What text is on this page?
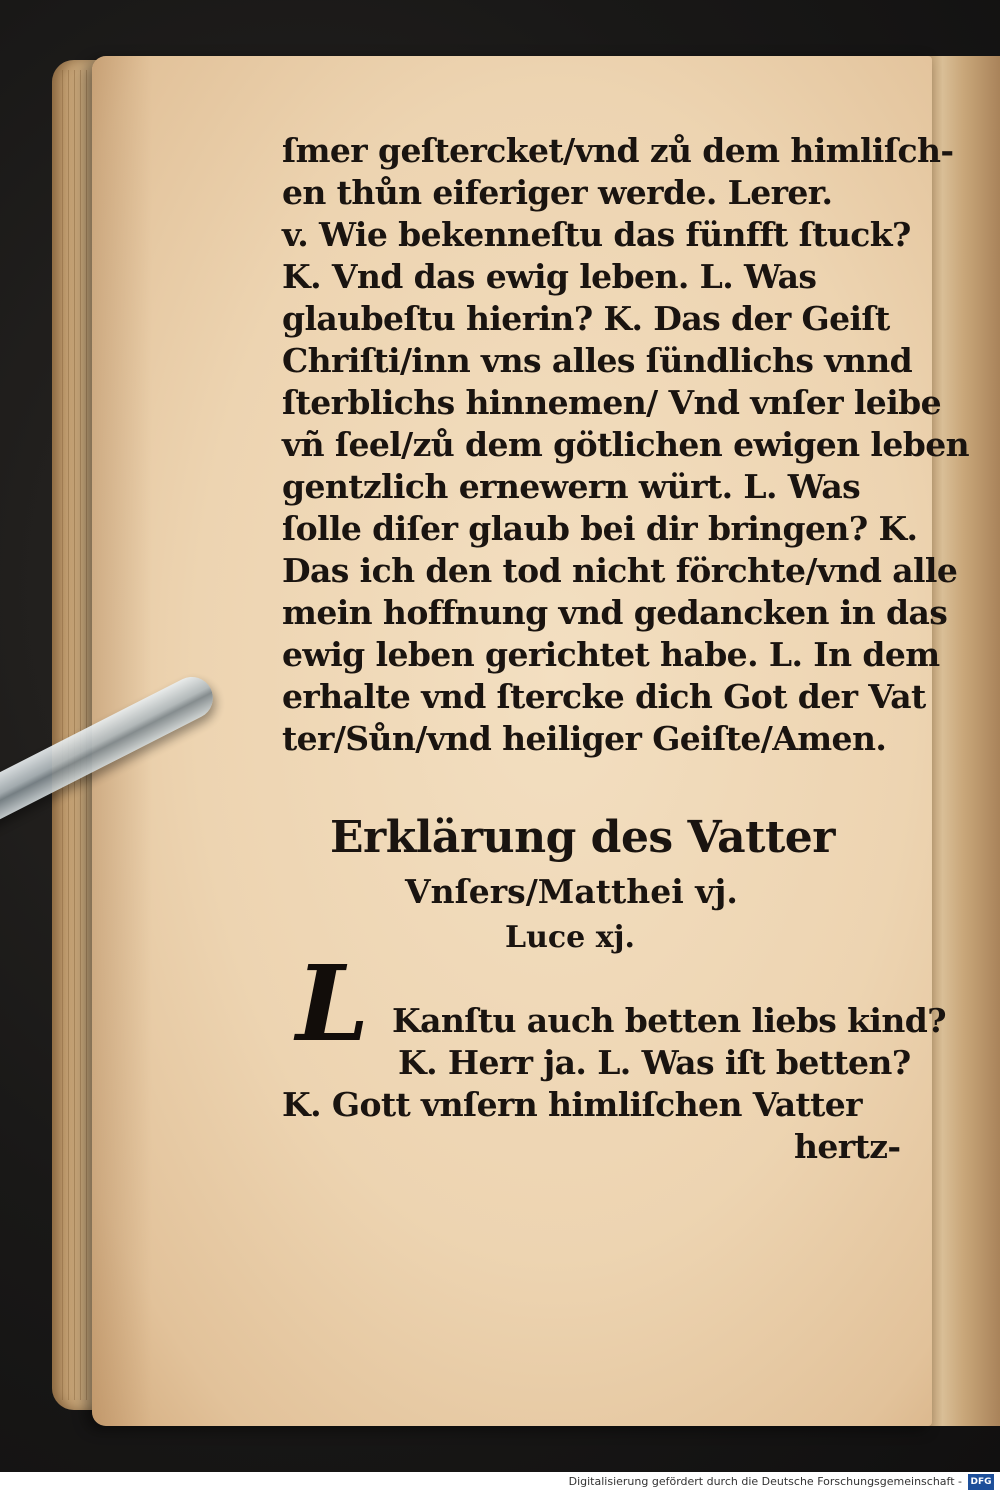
ſmer geſtercket/vnd zů dem himliſch-
en thůn eiferiger werde. Lerer.
v. Wie bekenneſtu das fünfft ſtuck?
K. Vnd das ewig leben. L. Was
glaubeſtu hierin? K. Das der Geiſt
Chriſti/inn vns alles ſündlichs vnnd
ſterblichs hinnemen/ Vnd vnſer leibe
vñ ſeel/zů dem götlichen ewigen leben
gentzlich ernewern würt. L. Was
ſolle diſer glaub bei dir bringen? K.
Das ich den tod nicht förchte/vnd alle
mein hoffnung vnd gedancken in das
ewig leben gerichtet habe. L. In dem
erhalte vnd ſtercke dich Got der Vat
ter/Sůn/vnd heiliger Geiſte/Amen.
Erklärung des Vatter
Vnſers/Matthei vj.
Luce xj.
L Kanſtu auch betten liebs kind?
K. Herr ja. L. Was iſt betten?
K. Gott vnſern himliſchen Vatter
hertz-
Digitalisierung gefördert durch die Deutsche Forschungsgemeinschaft - DFG
